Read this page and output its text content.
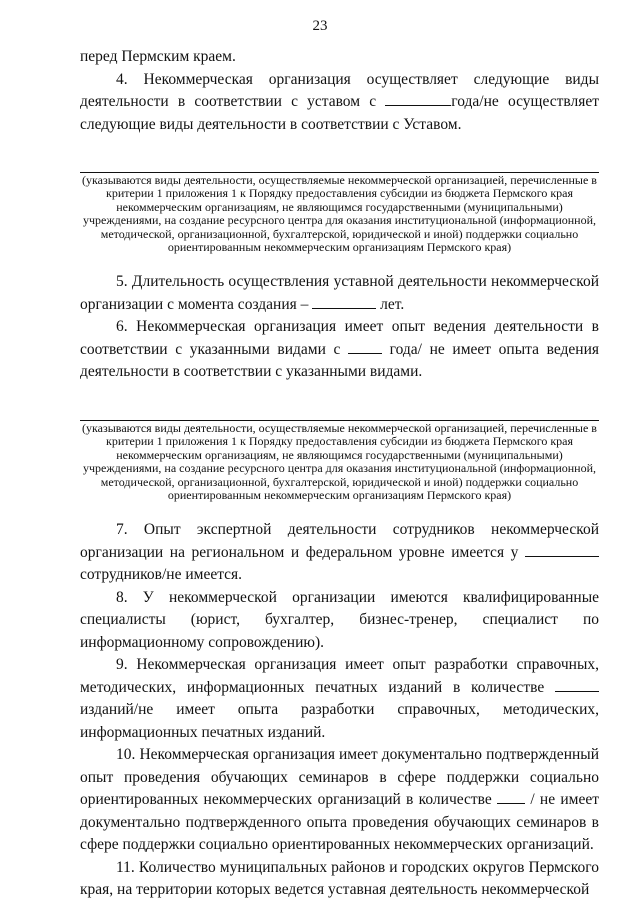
23

перед Пермским краем.

4. Некоммерческая организация осуществляет следующие виды деятельности в соответствии с уставом с	года/не осуществляет следующие виды деятельности в соответствии с Уставом.

(указываются виды деятельности, осуществляемые некоммерческой организацией, перечисленные в критерии 1 приложения 1 к Порядку предоставления субсидии из бюджета Пермского края некоммерческим организациям, не являющимся государственными (муниципальными) учреждениями, на создание ресурсного центра для оказания институциональной (информационной, методической, организационной, бухгалтерской, юридической и иной) поддержки социально ориентированным некоммерческим организациям Пермского края)

5. Длительность осуществления уставной деятельности некоммерческой организации с момента создания –	лет.

6. Некоммерческая организация имеет опыт ведения деятельности в соответствии с указанными видами с  года/ не имеет опыта ведения деятельности в соответствии с указанными видами.

(указываются виды деятельности, осуществляемые некоммерческой организацией, перечисленные в критерии 1 приложения 1 к Порядку предоставления субсидии из бюджета Пермского края некоммерческим организациям, не являющимся государственными (муниципальными) учреждениями, на создание ресурсного центра для оказания институциональной (информационной, методической, организационной, бухгалтерской, юридической и иной) поддержки социально ориентированным некоммерческим организациям Пермского края)

7. Опыт экспертной деятельности сотрудников некоммерческой организации на региональном и федеральном уровне имеется у  сотрудников/не имеется.

8. У некоммерческой организации имеются квалифицированные специалисты (юрист, бухгалтер, бизнес-тренер, специалист по информационному сопровождению).

9. Некоммерческая организация имеет опыт разработки справочных, методических, информационных печатных изданий в количестве  изданий/не имеет опыта разработки справочных, методических, информационных печатных изданий.

10. Некоммерческая организация имеет документально подтвержденный опыт проведения обучающих семинаров в сфере поддержки социально ориентированных некоммерческих организаций в количестве  / не имеет документально подтвержденного опыта проведения обучающих семинаров в сфере поддержки социально ориентированных некоммерческих организаций.

11. Количество муниципальных районов и городских округов Пермского края, на территории которых ведется уставная деятельность некоммерческой
